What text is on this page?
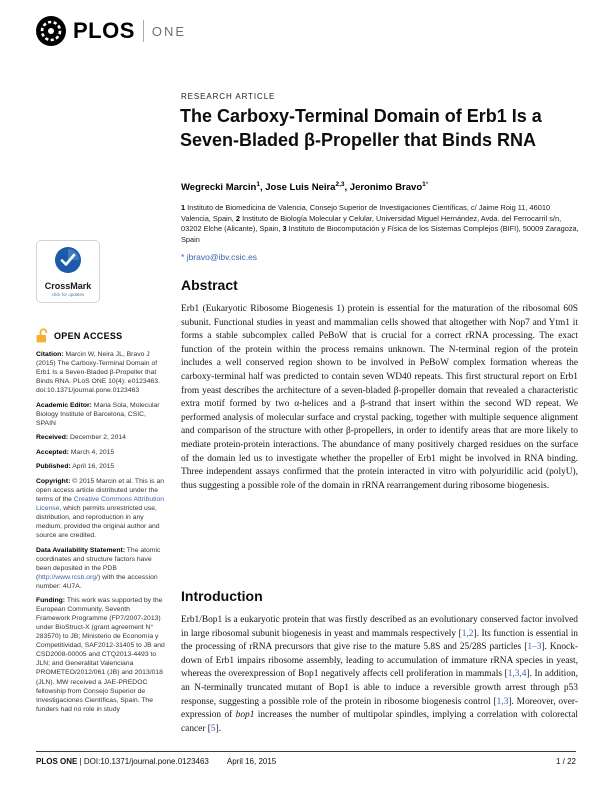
PLOS ONE
CrossMark
click for updates
OPEN ACCESS

Citation: Marcin W, Neira JL, Bravo J (2015) The Carboxy-Terminal Domain of Erb1 Is a Seven-Bladed β-Propeller that Binds RNA. PLoS ONE 10(4): e0123463. doi:10.1371/journal.pone.0123463

Academic Editor: Maria Sola, Molecular Biology Institute of Barcelona, CSIC, SPAIN

Received: December 2, 2014

Accepted: March 4, 2015

Published: April 16, 2015

Copyright: © 2015 Marcin et al. This is an open access article distributed under the terms of the Creative Commons Attribution License, which permits unrestricted use, distribution, and reproduction in any medium, provided the original author and source are credited.

Data Availability Statement: The atomic coordinates and structure factors have been deposited in the PDB (http://www.rcsb.org/) with the accession number: 4U7A.

Funding: This work was supported by the European Community, Seventh Framework Programme (FP7/2007-2013) under BioStruct-X (grant agreement N° 283570) to JB; Ministerio de Economía y Competitividad, SAF2012-31405 to JB and CSD2008-00005 and CTQ2013-4493 to JLN; and Generalitat Valenciana PROMETEO/2012/061 (JB) and 2013/018 (JLN). MW received a JAE-PREDOC fellowship from Consejo Superior de Investigaciones Científicas, Spain. The funders had no role in study

RESEARCH ARTICLE
The Carboxy-Terminal Domain of Erb1 Is a Seven-Bladed β-Propeller that Binds RNA

Wegrecki Marcin$^1$, Jose Luis Neira$^{2,3}$, Jeronimo Bravo$^{1*}$

1 Instituto de Biomedicina de Valencia, Consejo Superior de Investigaciones Científicas, c/ Jaime Roig 11, 46010 Valencia, Spain, 2 Instituto de Biología Molecular y Celular, Universidad Miguel Hernández, Avda. del Ferrocarril s/n, 03202 Elche (Alicante), Spain, 3 Instituto de Biocomputación y Física de los Sistemas Complejos (BIFI), 50009 Zaragoza, Spain

* jbravo@ibv.csic.es

Abstract

Erb1 (Eukaryotic Ribosome Biogenesis 1) protein is essential for the maturation of the ribosomal 60S subunit. Functional studies in yeast and mammalian cells showed that altogether with Nop7 and Ytm1 it forms a stable subcomplex called PeBoW that is crucial for a correct rRNA processing. The exact function of the protein within the process remains unknown. The N-terminal region of the protein includes a well conserved region shown to be involved in PeBoW complex formation whereas the carboxy-terminal half was predicted to contain seven WD40 repeats. This first structural report on Erb1 from yeast describes the architecture of a seven-bladed β-propeller domain that revealed a characteristic extra motif formed by two α-helices and a β-strand that insert within the second WD repeat. We performed analysis of molecular surface and crystal packing, together with multiple sequence alignment and comparison of the structure with other β-propellers, in order to identify areas that are more likely to mediate protein-protein interactions. The abundance of many positively charged residues on the surface of the domain led us to investigate whether the propeller of Erb1 might be involved in RNA binding. Three independent assays confirmed that the protein interacted in vitro with polyuridilic acid (polyU), thus suggesting a possible role of the domain in rRNA rearrangement during ribosome biogenesis.

Introduction

Erb1/Bop1 is a eukaryotic protein that was firstly described as an evolutionary conserved factor involved in large ribosomal subunit biogenesis in yeast and mammals respectively [1,2]. Its function is essential in the processing of rRNA precursors that give rise to the mature 5.8S and 25/28S particles [1–3]. Knock-down of Erb1 impairs ribosome assembly, leading to accumulation of immature rRNA species in yeast, whereas the overexpression of Bop1 negatively affects cell proliferation in mammals [1,3,4]. In addition, an N-terminally truncated mutant of Bop1 is able to induce a reversible growth arrest through p53 response, suggesting a possible role of the protein in ribosome biogenesis control [1,3]. Moreover, over-expression of bop1 increases the number of multipolar spindles, implying a correlation with colorectal cancer [5].

PLOS ONE | DOI:10.1371/journal.pone.0123463 April 16, 2015	1 / 22
